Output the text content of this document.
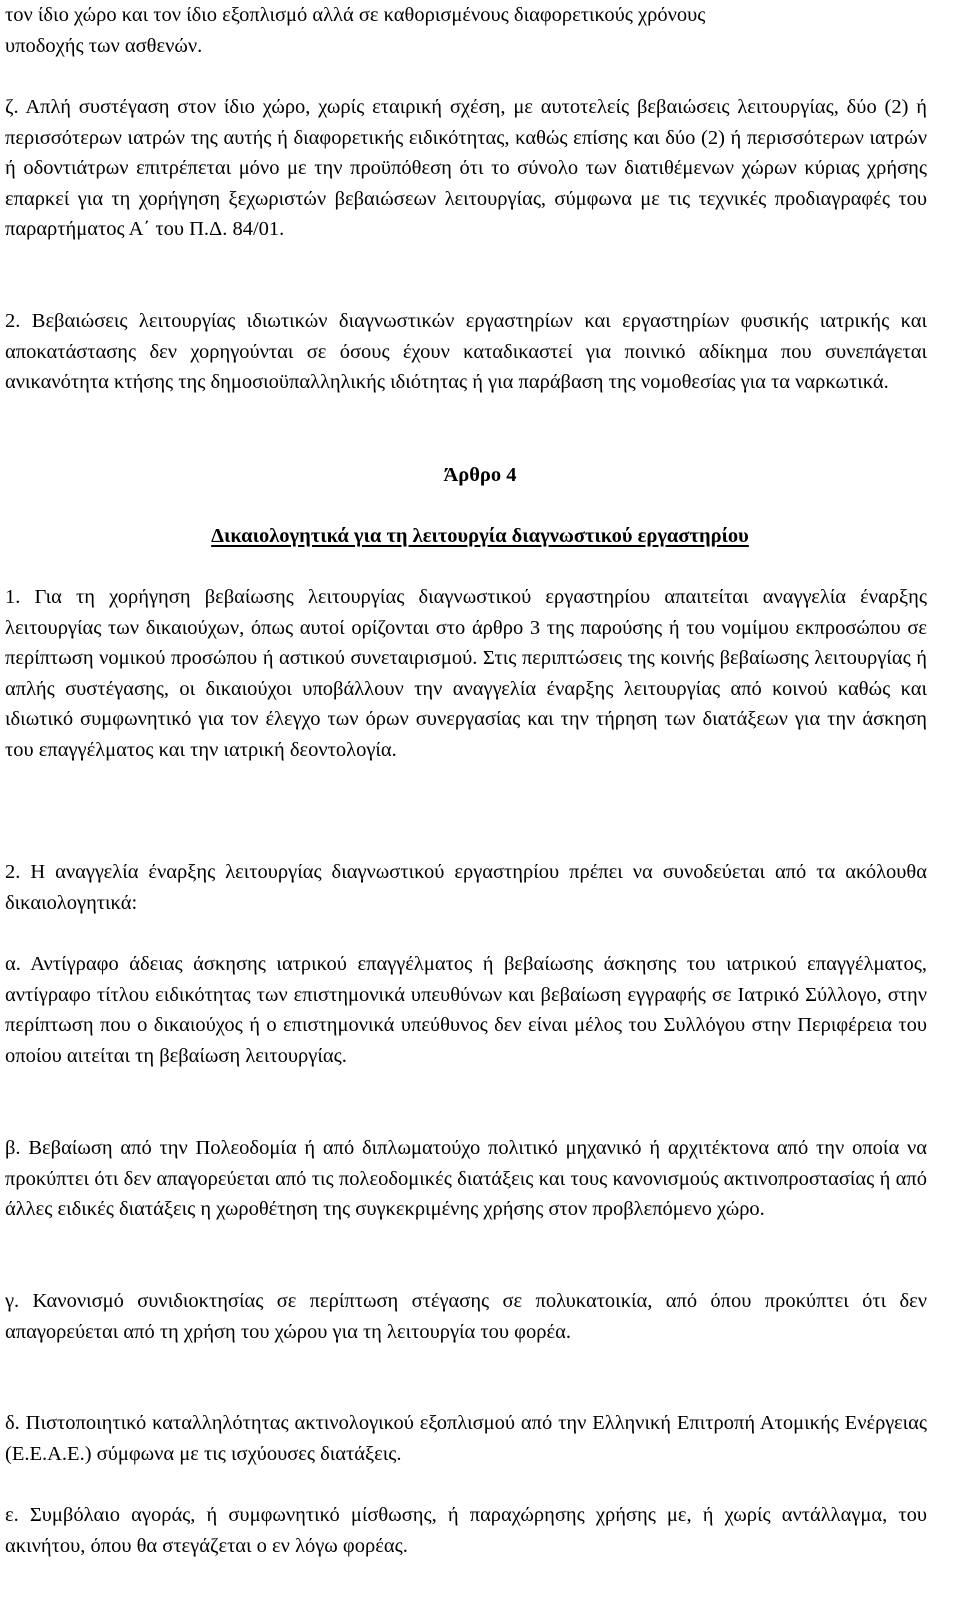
τον ίδιο χώρο και τον ίδιο εξοπλισμό αλλά σε καθορισμένους διαφορετικούς χρόνους
υποδοχής των ασθενών.

ζ. Απλή συστέγαση στον ίδιο χώρο, χωρίς εταιρική σχέση, με αυτοτελείς βεβαιώσεις λειτουργίας, δύο (2) ή περισσότερων ιατρών της αυτής ή διαφορετικής ειδικότητας, καθώς επίσης και δύο (2) ή περισσότερων ιατρών ή οδοντιάτρων επιτρέπεται μόνο με την προϋπόθεση ότι το σύνολο των διατιθέμενων χώρων κύριας χρήσης επαρκεί για τη χορήγηση ξεχωριστών βεβαιώσεων λειτουργίας, σύμφωνα με τις τεχνικές προδιαγραφές του παραρτήματος Α΄ του Π.Δ. 84/01.

2. Βεβαιώσεις λειτουργίας ιδιωτικών διαγνωστικών εργαστηρίων και εργαστηρίων φυσικής ιατρικής και αποκατάστασης δεν χορηγούνται σε όσους έχουν καταδικαστεί για ποινικό αδίκημα που συνεπάγεται ανικανότητα κτήσης της δημοσιοϋπαλληλικής ιδιότητας ή για παράβαση της νομοθεσίας για τα ναρκωτικά.

Άρθρο 4
Δικαιολογητικά για τη λειτουργία διαγνωστικού εργαστηρίου

1. Για τη χορήγηση βεβαίωσης λειτουργίας διαγνωστικού εργαστηρίου απαιτείται αναγγελία έναρξης λειτουργίας των δικαιούχων, όπως αυτοί ορίζονται στο άρθρο 3 της παρούσης ή του νομίμου εκπροσώπου σε περίπτωση νομικού προσώπου ή αστικού συνεταιρισμού. Στις περιπτώσεις της κοινής βεβαίωσης λειτουργίας ή απλής συστέγασης, οι δικαιούχοι υποβάλλουν την αναγγελία έναρξης λειτουργίας από κοινού καθώς και ιδιωτικό συμφωνητικό για τον έλεγχο των όρων συνεργασίας και την τήρηση των διατάξεων για την άσκηση του επαγγέλματος και την ιατρική δεοντολογία.

2. Η αναγγελία έναρξης λειτουργίας διαγνωστικού εργαστηρίου πρέπει να συνοδεύεται από τα ακόλουθα δικαιολογητικά:

α. Αντίγραφο άδειας άσκησης ιατρικού επαγγέλματος ή βεβαίωσης άσκησης του ιατρικού επαγγέλματος, αντίγραφο τίτλου ειδικότητας των επιστημονικά υπευθύνων και βεβαίωση εγγραφής σε Ιατρικό Σύλλογο, στην περίπτωση που ο δικαιούχος ή ο επιστημονικά υπεύθυνος δεν είναι μέλος του Συλλόγου στην Περιφέρεια του οποίου αιτείται τη βεβαίωση λειτουργίας.

β. Βεβαίωση από την Πολεοδομία ή από διπλωματούχο πολιτικό μηχανικό ή αρχιτέκτονα από την οποία να προκύπτει ότι δεν απαγορεύεται από τις πολεοδομικές διατάξεις και τους κανονισμούς ακτινοπροστασίας ή από άλλες ειδικές διατάξεις η χωροθέτηση της συγκεκριμένης χρήσης στον προβλεπόμενο χώρο.

γ. Κανονισμό συνιδιοκτησίας σε περίπτωση στέγασης σε πολυκατοικία, από όπου προκύπτει ότι δεν απαγορεύεται από τη χρήση του χώρου για τη λειτουργία του φορέα.

δ. Πιστοποιητικό καταλληλότητας ακτινολογικού εξοπλισμού από την Ελληνική Επιτροπή Ατομικής Ενέργειας (Ε.Ε.Α.Ε.) σύμφωνα με τις ισχύουσες διατάξεις.

ε. Συμβόλαιο αγοράς, ή συμφωνητικό μίσθωσης, ή παραχώρησης χρήσης με, ή χωρίς αντάλλαγμα, του ακινήτου, όπου θα στεγάζεται ο εν λόγω φορέας.
